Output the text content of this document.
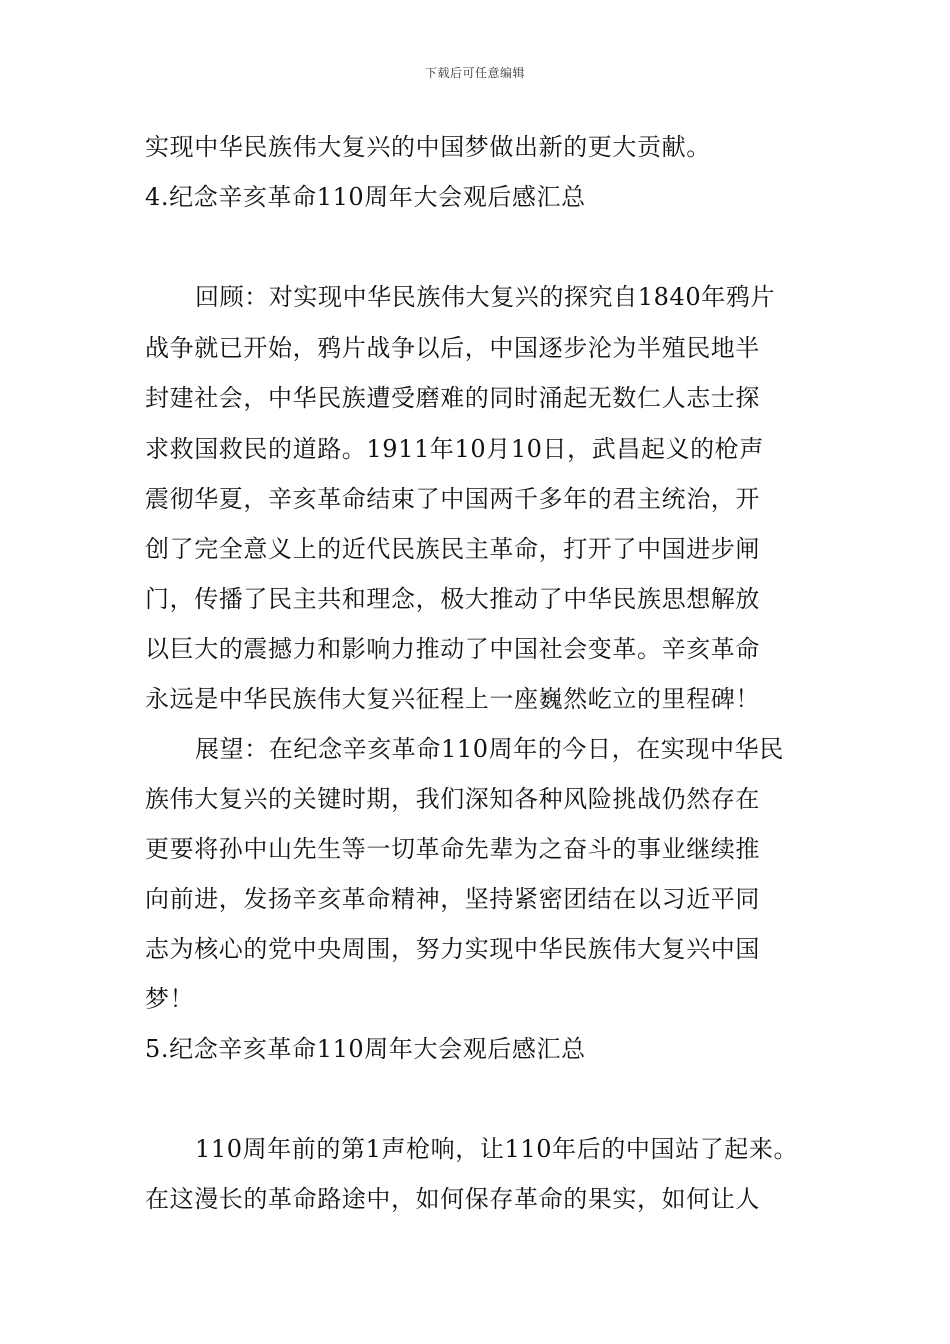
下载后可任意编辑
实现中华民族伟大复兴的中国梦做出新的更大贡献。
4.纪念辛亥革命110周年大会观后感汇总
回顾：对实现中华民族伟大复兴的探究自1840年鸦片
战争就已开始，鸦片战争以后，中国逐步沦为半殖民地半
封建社会，中华民族遭受磨难的同时涌起无数仁人志士探
求救国救民的道路。1911年10月10日，武昌起义的枪声
震彻华夏，辛亥革命结束了中国两千多年的君主统治，开
创了完全意义上的近代民族民主革命，打开了中国进步闸
门，传播了民主共和理念，极大推动了中华民族思想解放
以巨大的震撼力和影响力推动了中国社会变革。辛亥革命
永远是中华民族伟大复兴征程上一座巍然屹立的里程碑！
展望：在纪念辛亥革命110周年的今日，在实现中华民
族伟大复兴的关键时期，我们深知各种风险挑战仍然存在
更要将孙中山先生等一切革命先辈为之奋斗的事业继续推
向前进，发扬辛亥革命精神，坚持紧密团结在以习近平同
志为核心的党中央周围，努力实现中华民族伟大复兴中国
梦！
5.纪念辛亥革命110周年大会观后感汇总
110周年前的第1声枪响，让110年后的中国站了起来。
在这漫长的革命路途中，如何保存革命的果实，如何让人
